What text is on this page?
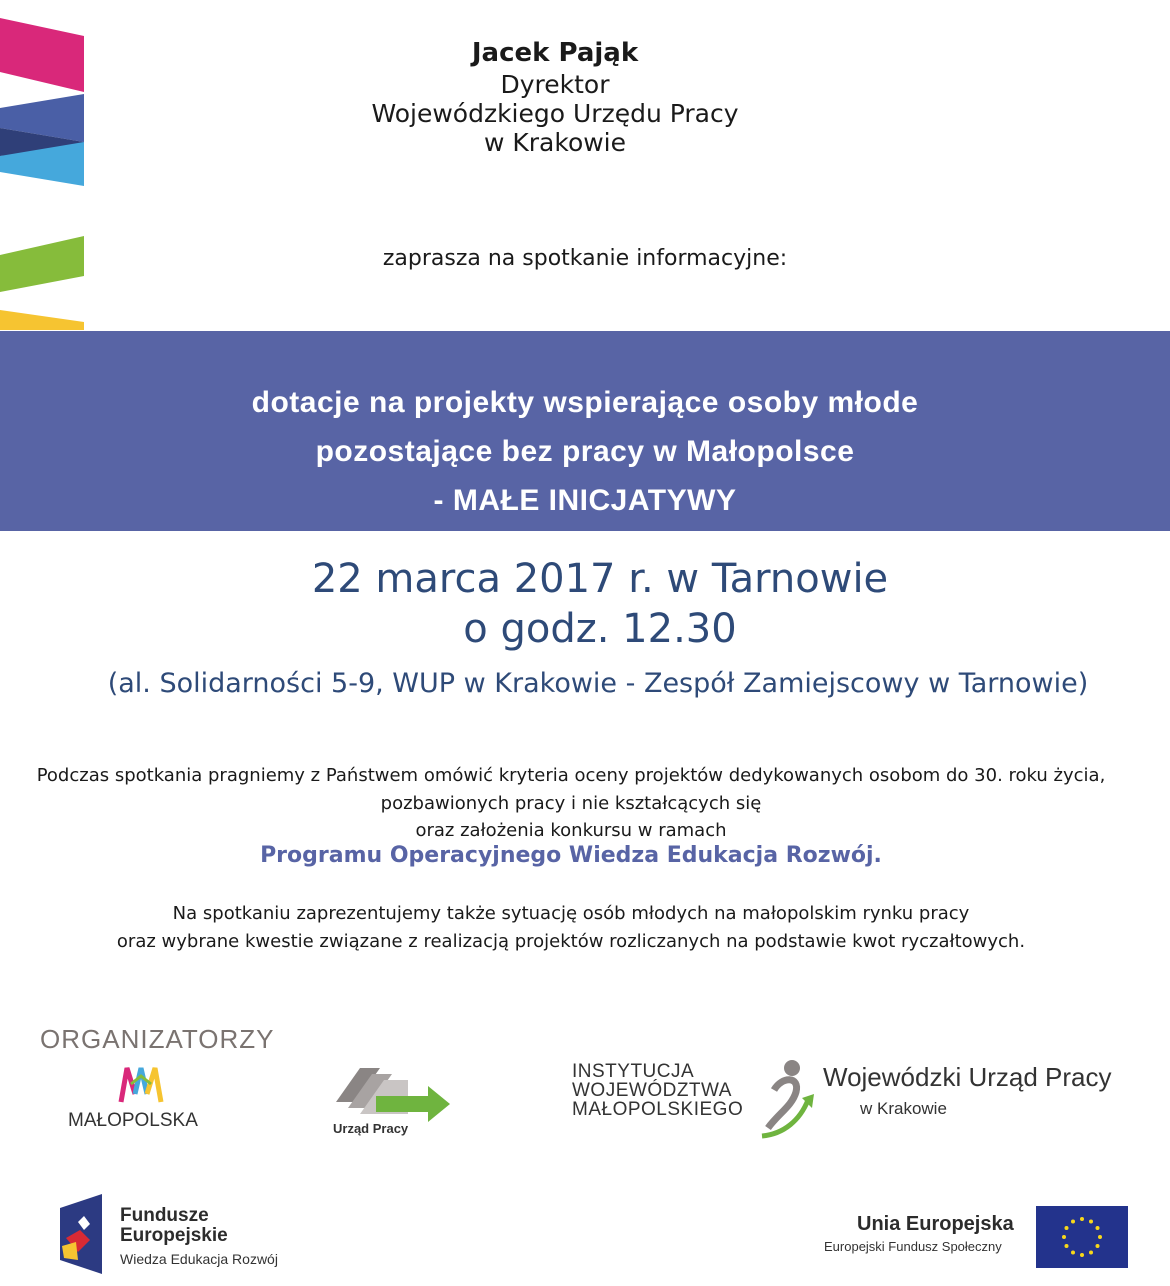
Jacek Pająk
Dyrektor
Wojewódzkiego Urzędu Pracy
w Krakowie
zaprasza na spotkanie informacyjne:
dotacje na projekty wspierające osoby młode
pozostające bez pracy w Małopolsce
- MAŁE INICJATYWY
22 marca 2017 r. w Tarnowie
o godz. 12.30
(al. Solidarności 5-9, WUP w Krakowie - Zespół Zamiejscowy w Tarnowie)
Podczas spotkania pragniemy z Państwem omówić kryteria oceny projektów dedykowanych osobom do 30. roku życia,
pozbawionych pracy i nie kształcących się
oraz założenia konkursu w ramach
Programu Operacyjnego Wiedza Edukacja Rozwój.
Na spotkaniu zaprezentujemy także sytuację osób młodych na małopolskim rynku pracy
oraz wybrane kwestie związane z realizacją projektów rozliczanych na podstawie kwot ryczałtowych.
ORGANIZATORZY
MAŁOPOLSKA	Urząd Pracy
INSTYTUCJA
WOJEWÓDZTWA
MAŁOPOLSKIEGO
Wojewódzki Urząd Pracy
w Krakowie
Fundusze
Europejskie
Wiedza Edukacja Rozwój
Unia Europejska
Europejski Fundusz Społeczny
